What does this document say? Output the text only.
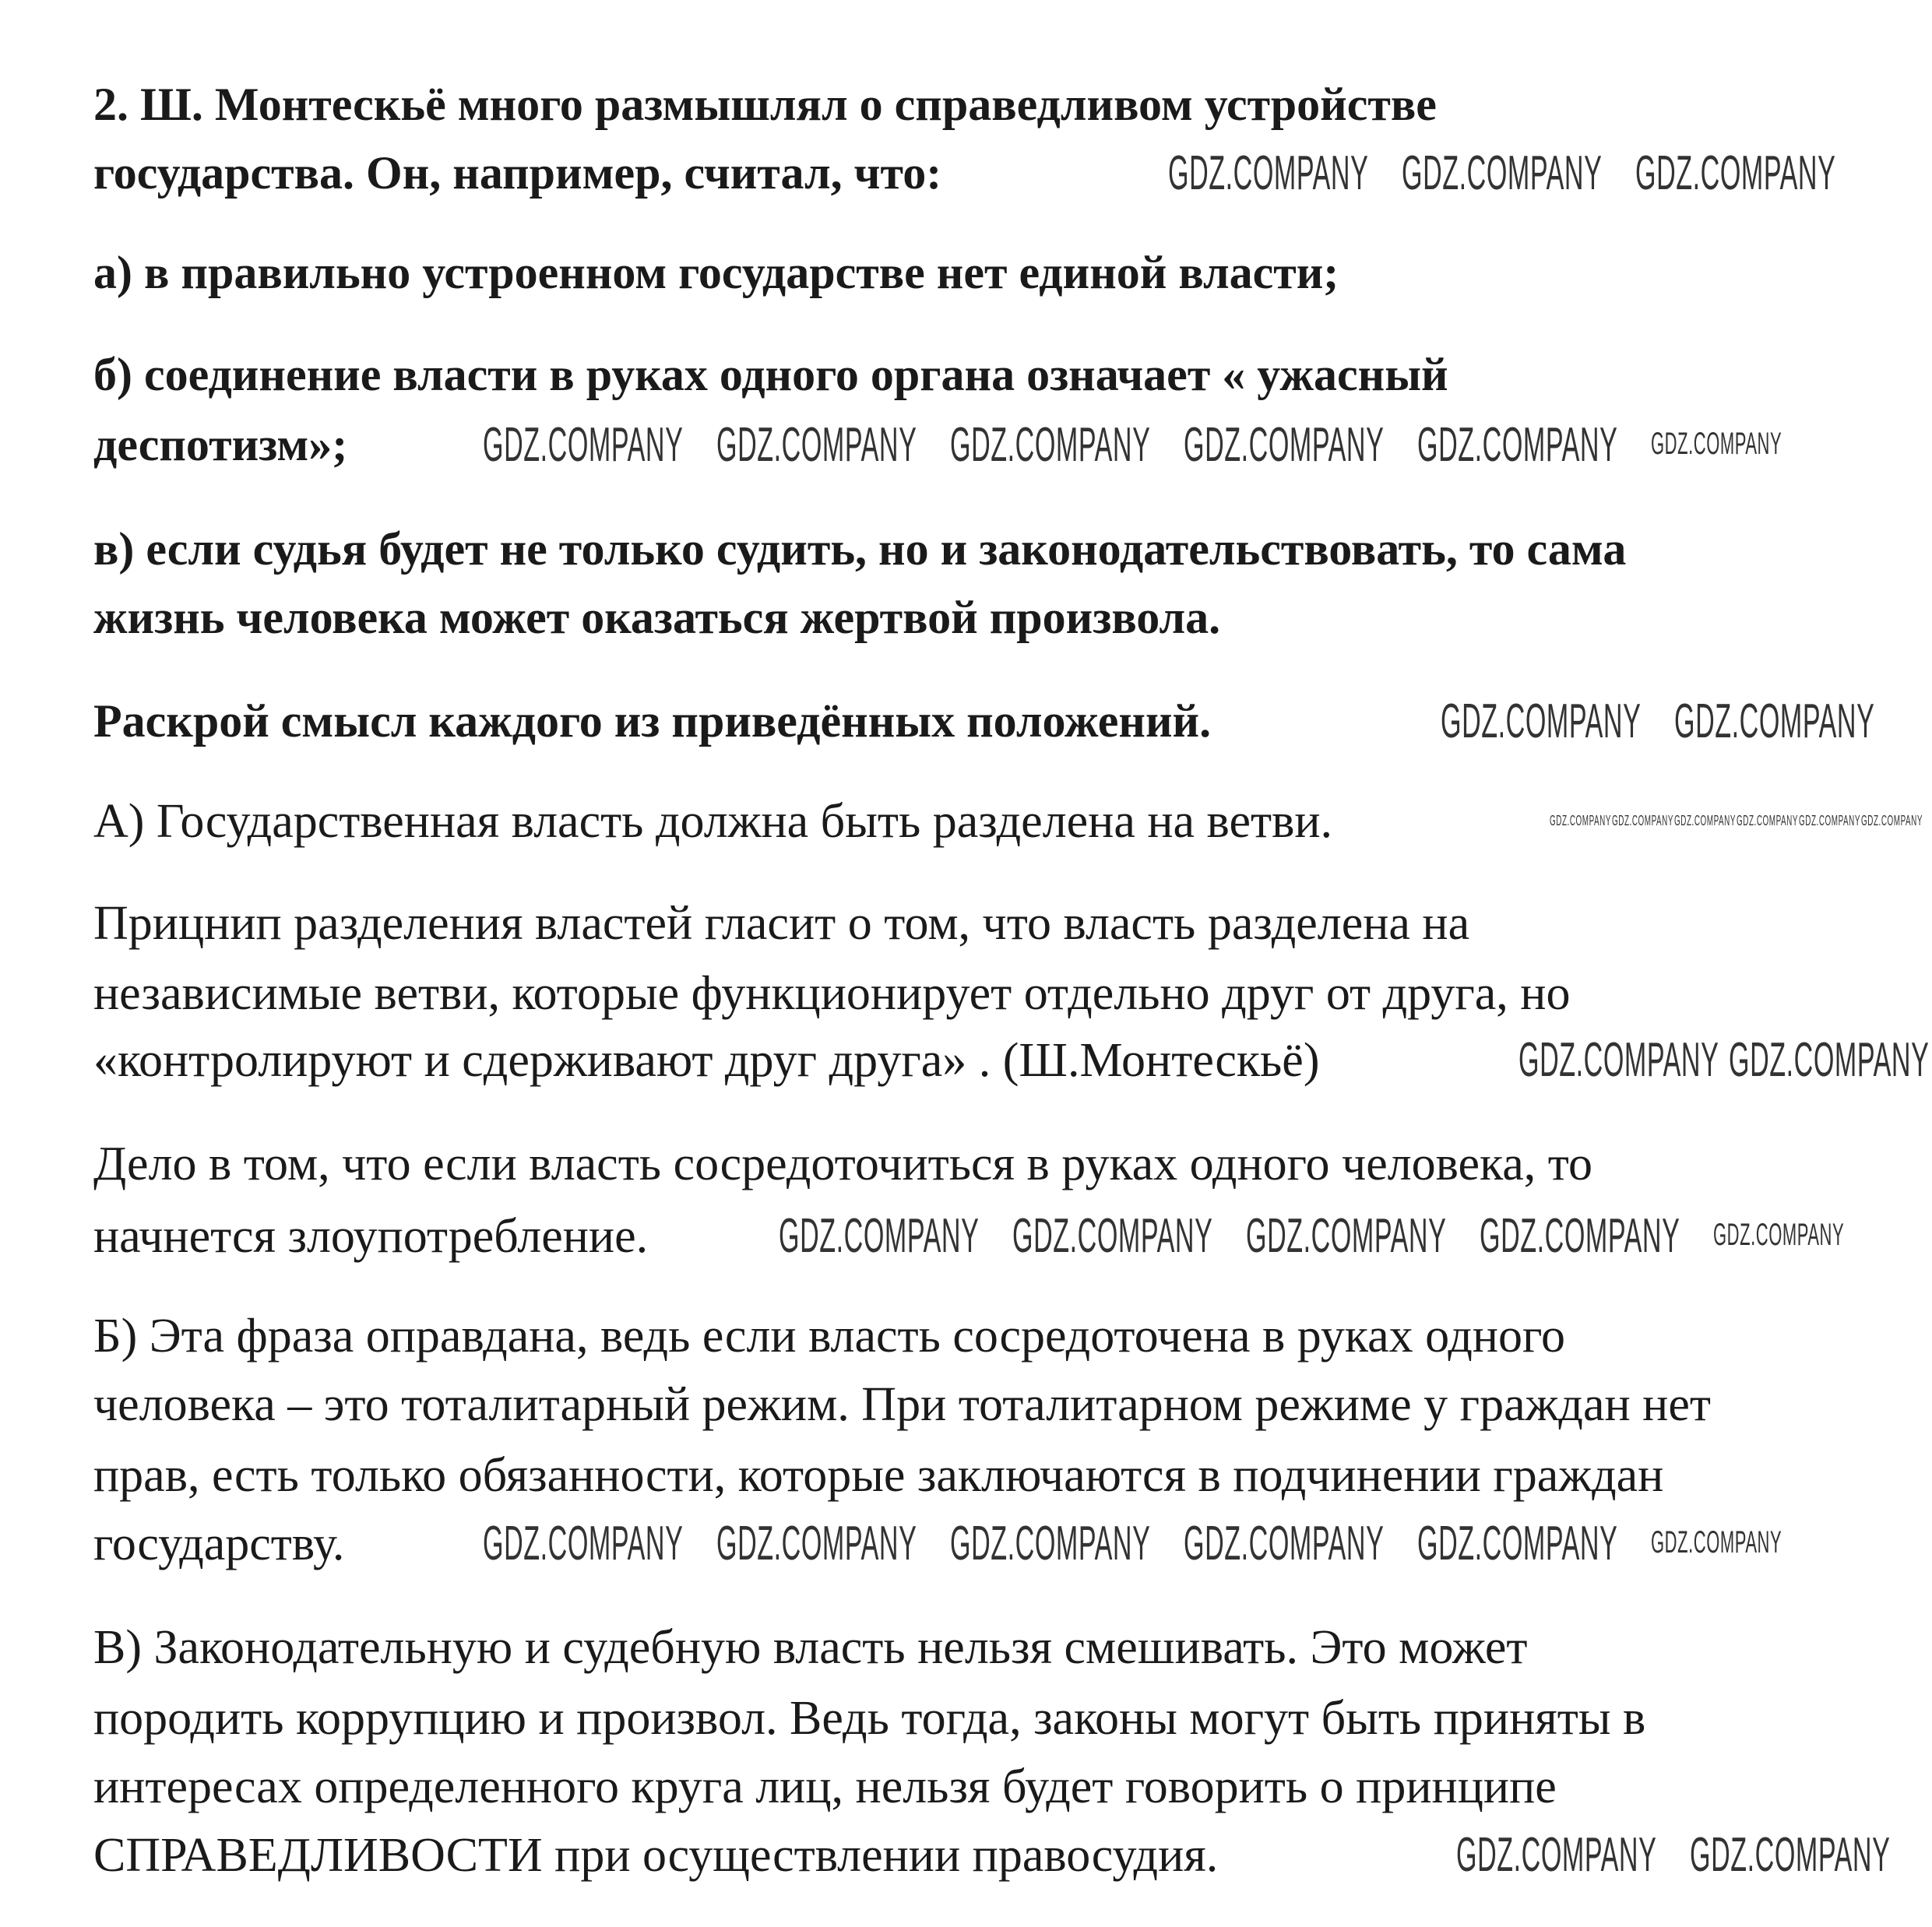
2. Ш. Монтескьё много размышлял о справедливом устройстве
государства. Он, например, считал, что:
а) в правильно устроенном государстве нет единой власти;
б) соединение власти в руках одного органа означает « ужасный
деспотизм»;
в) если судья будет не только судить, но и законодательствовать, то сама
жизнь человека может оказаться жертвой произвола.
Раскрой смысл каждого из приведённых положений.
А) Государственная власть должна быть разделена на ветви.
Прицнип разделения властей гласит о том, что власть разделена на
независимые ветви, которые функционирует отдельно друг от друга, но
«контролируют и сдерживают друг друга» . (Ш.Монтескьё)
Дело в том, что если власть сосредоточиться в руках одного человека, то
начнется злоупотребление.
Б) Эта фраза оправдана, ведь если власть сосредоточена в руках одного
человека – это тоталитарный режим. При тоталитарном режиме у граждан нет
прав, есть только обязанности, которые заключаются в подчинении граждан
государству.
В) Законодательную и судебную власть нельзя смешивать. Это может
породить коррупцию и произвол. Ведь тогда, законы могут быть приняты в
интересах определенного круга лиц, нельзя будет говорить о принципе
СПРАВЕДЛИВОСТИ при осуществлении правосудия.
GDZ.COMPANY GDZ.COMPANY GDZ.COMPANY
GDZ.COMPANY GDZ.COMPANY GDZ.COMPANY GDZ.COMPANY GDZ.COMPANY GDZ.COMPANY
GDZ.COMPANY GDZ.COMPANY
GDZ.COMPANY GDZ.COMPANY GDZ.COMPANY GDZ.COMPANY GDZ.COMPANY GDZ.COMPANY
GDZ.COMPANY GDZ.COMPANY
GDZ.COMPANY GDZ.COMPANY GDZ.COMPANY GDZ.COMPANY GDZ.COMPANY
GDZ.COMPANY GDZ.COMPANY GDZ.COMPANY GDZ.COMPANY GDZ.COMPANY GDZ.COMPANY
GDZ.COMPANY GDZ.COMPANY
